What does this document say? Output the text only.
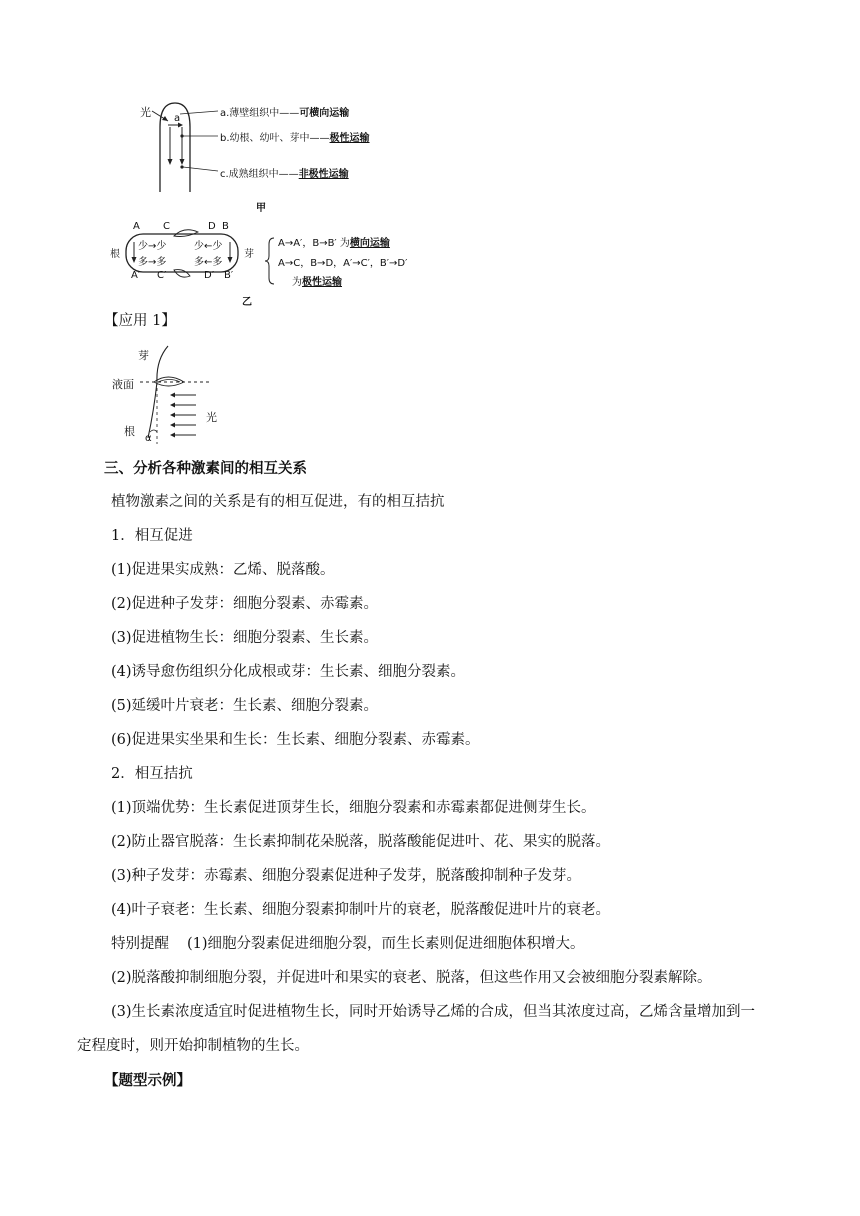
光 a	a.薄壁组织中——可横向运输
b.幼根、幼叶、芽中——极性运输
c.成熟组织中——非极性运输
甲
A C	D B
根	芽
少→少	少←少
多→多	多←多
A′ C′	D′ B′
A→A′，B→B′ 为横向运输
A→C，B→D，A′→C′，B′→D′
为极性运输
乙
【应用 1】
芽
液面
光
根
α
三、分析各种激素间的相互关系
植物激素之间的关系是有的相互促进，有的相互拮抗
1．相互促进
(1)促进果实成熟：乙烯、脱落酸。
(2)促进种子发芽：细胞分裂素、赤霉素。
(3)促进植物生长：细胞分裂素、生长素。
(4)诱导愈伤组织分化成根或芽：生长素、细胞分裂素。
(5)延缓叶片衰老：生长素、细胞分裂素。
(6)促进果实坐果和生长：生长素、细胞分裂素、赤霉素。
2．相互拮抗
(1)顶端优势：生长素促进顶芽生长，细胞分裂素和赤霉素都促进侧芽生长。
(2)防止器官脱落：生长素抑制花朵脱落，脱落酸能促进叶、花、果实的脱落。
(3)种子发芽：赤霉素、细胞分裂素促进种子发芽，脱落酸抑制种子发芽。
(4)叶子衰老：生长素、细胞分裂素抑制叶片的衰老，脱落酸促进叶片的衰老。
特别提醒 (1)细胞分裂素促进细胞分裂，而生长素则促进细胞体积增大。
(2)脱落酸抑制细胞分裂，并促进叶和果实的衰老、脱落，但这些作用又会被细胞分裂素解除。
(3)生长素浓度适宜时促进植物生长，同时开始诱导乙烯的合成，但当其浓度过高，乙烯含量增加到一
定程度时，则开始抑制植物的生长。
【题型示例】
